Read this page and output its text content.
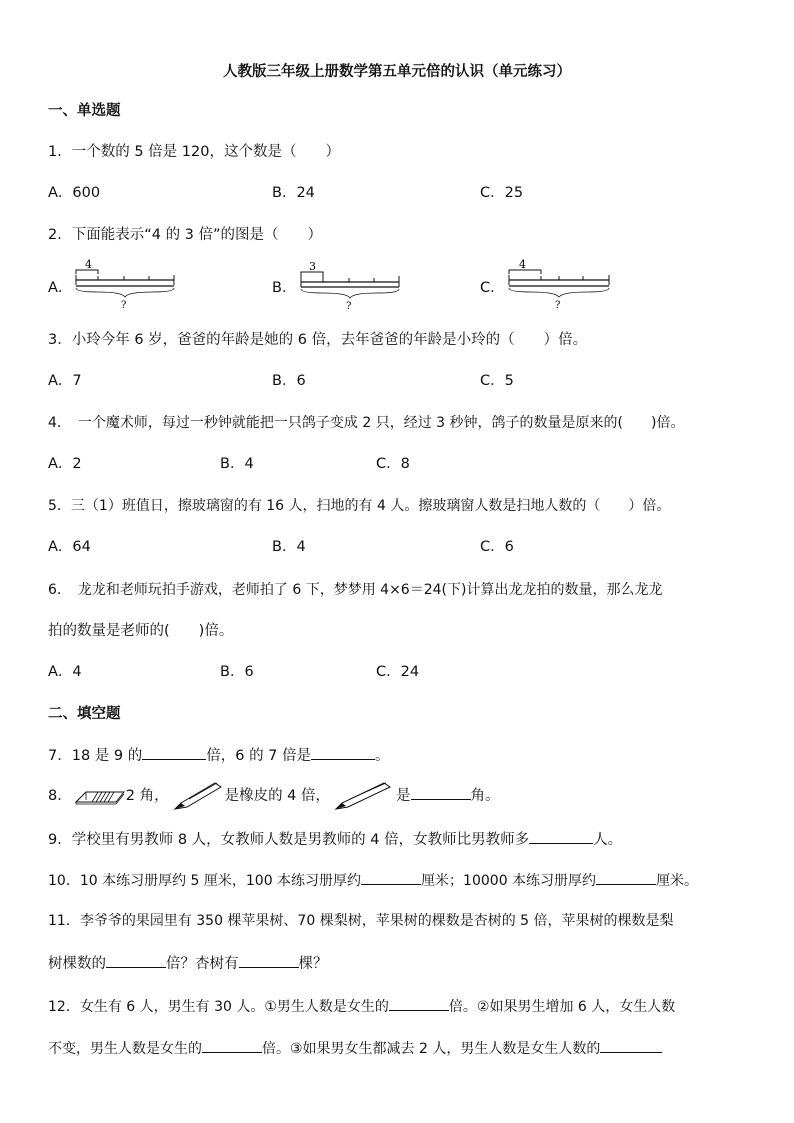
人教版三年级上册数学第五单元倍的认识（单元练习）
一、单选题
1．一个数的 5 倍是 120，这个数是（　　）
A．600	B．24	C．25
2．下面能表示“4 的 3 倍”的图是（　　）
A．
4
?
B．
3
?
C．
4
?
3．小玲今年 6 岁，爸爸的年龄是她的 6 倍，去年爸爸的年龄是小玲的（　　）倍。
A．7	B．6	C．5
4．　一个魔术师，每过一秒钟就能把一只鸽子变成 2 只，经过 3 秒钟，鸽子的数量是原来的(　　)倍。
A．2	B．4	C．8
5．三（1）班值日，擦玻璃窗的有 16 人，扫地的有 4 人。擦玻璃窗人数是扫地人数的（　　）倍。
A．64	B．4	C．6
6．　龙龙和老师玩拍手游戏，老师拍了 6 下，梦梦用 4×6＝24(下)计算出龙龙拍的数量，那么龙龙
拍的数量是老师的(　　)倍。
A．4	B．6	C．24
二、填空题
7．18 是 9 的	倍，6 的 7 倍是	。
8．	2 角，	是橡皮的 4 倍，	是	角。
9．学校里有男教师 8 人，女教师人数是男教师的 4 倍，女教师比男教师多	人。
10．10 本练习册厚约 5 厘米，100 本练习册厚约	厘米；10000 本练习册厚约	厘米。
11．李爷爷的果园里有 350 棵苹果树、70 棵梨树，苹果树的棵数是杏树的 5 倍，苹果树的棵数是梨
树棵数的	倍？杏树有	棵？
12．女生有 6 人，男生有 30 人。①男生人数是女生的	倍。②如果男生增加 6 人，女生人数
不变，男生人数是女生的	倍。③如果男女生都减去 2 人，男生人数是女生人数的
